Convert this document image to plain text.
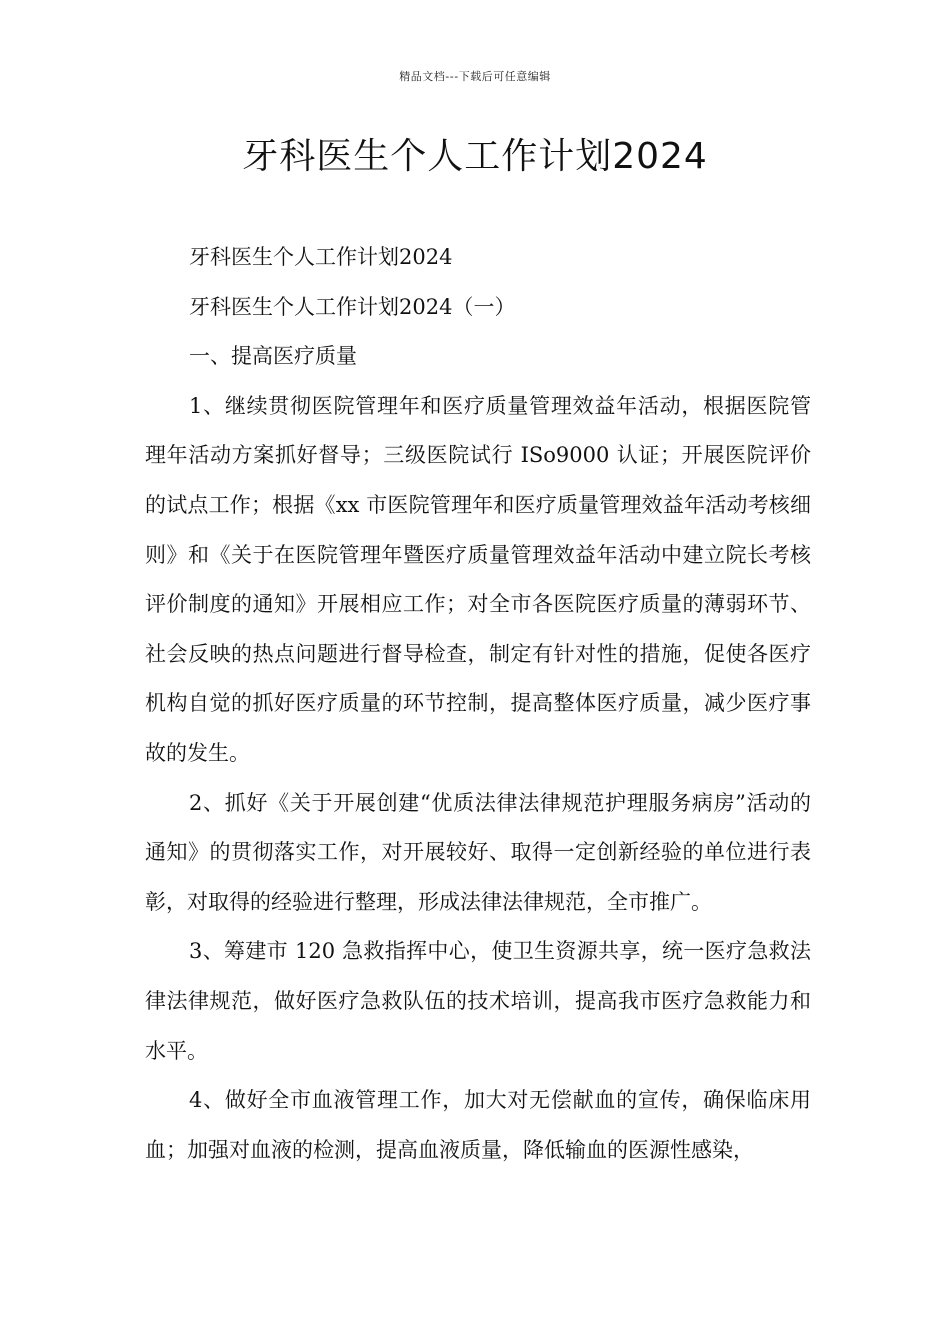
精品文档---下载后可任意编辑
牙科医生个人工作计划2024

牙科医生个人工作计划2024

牙科医生个人工作计划2024（一）

一、提高医疗质量

1、继续贯彻医院管理年和医疗质量管理效益年活动，根据医院管理年活动方案抓好督导；三级医院试行 ISo9000 认证；开展医院评价的试点工作；根据《xx 市医院管理年和医疗质量管理效益年活动考核细则》和《关于在医院管理年暨医疗质量管理效益年活动中建立院长考核评价制度的通知》开展相应工作；对全市各医院医疗质量的薄弱环节、社会反映的热点问题进行督导检查，制定有针对性的措施，促使各医疗机构自觉的抓好医疗质量的环节控制，提高整体医疗质量，减少医疗事故的发生。

2、抓好《关于开展创建“优质法律法律规范护理服务病房”活动的通知》的贯彻落实工作，对开展较好、取得一定创新经验的单位进行表彰，对取得的经验进行整理，形成法律法律规范，全市推广。

3、筹建市 120 急救指挥中心，使卫生资源共享，统一医疗急救法律法律规范，做好医疗急救队伍的技术培训，提高我市医疗急救能力和水平。

4、做好全市血液管理工作，加大对无偿献血的宣传，确保临床用血；加强对血液的检测，提高血液质量，降低输血的医源性感染，
